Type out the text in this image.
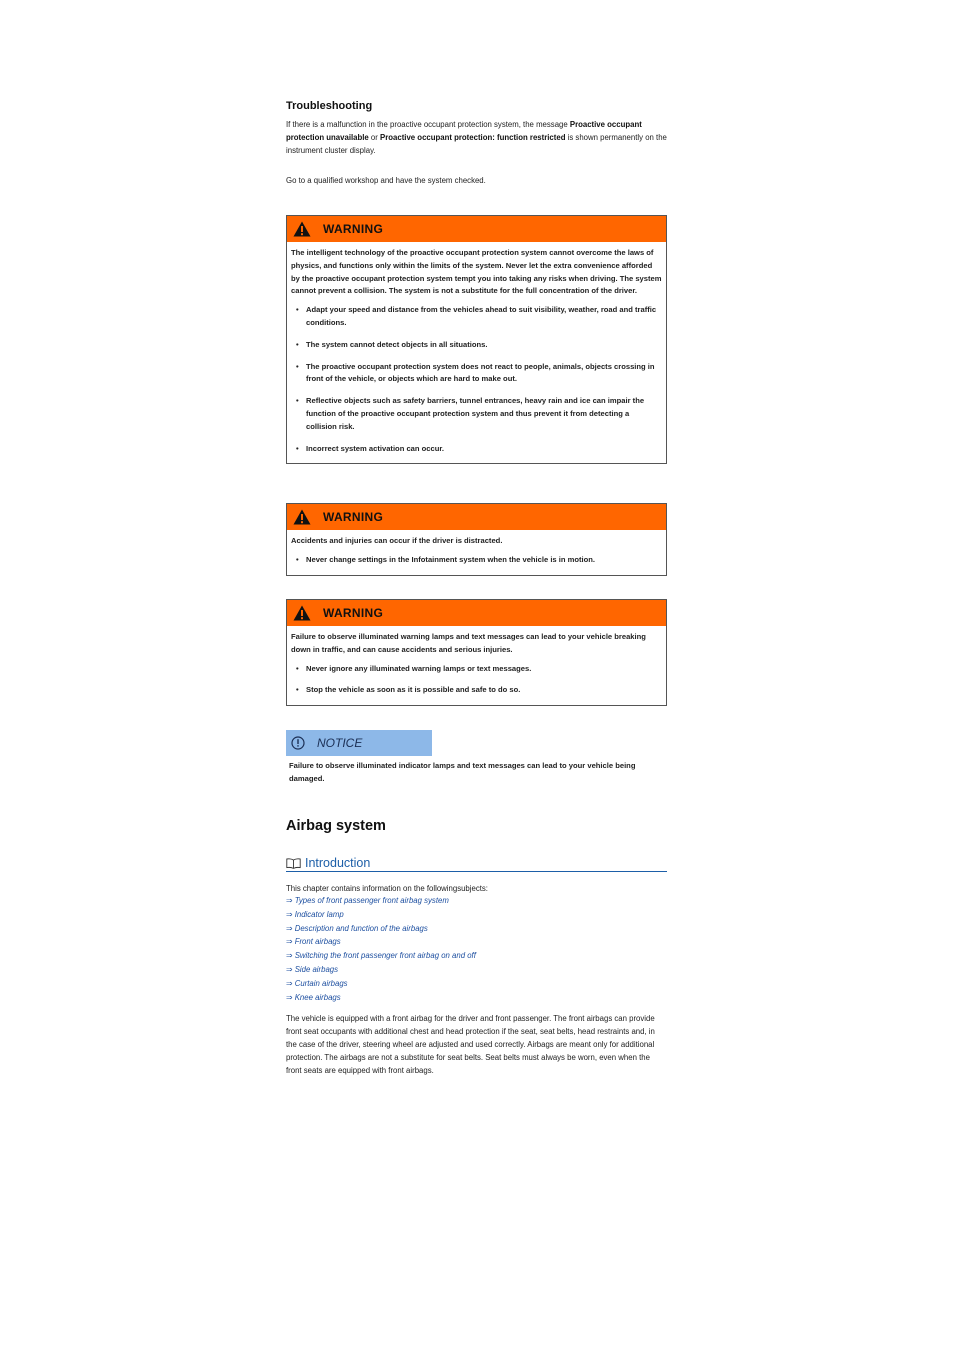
Troubleshooting

If there is a malfunction in the proactive occupant protection system, the message Proactive occupant protection unavailable or Proactive occupant protection: function restricted is shown permanently on the instrument cluster display.

Go to a qualified workshop and have the system checked.

WARNING

The intelligent technology of the proactive occupant protection system cannot overcome the laws of physics, and functions only within the limits of the system. Never let the extra convenience afforded by the proactive occupant protection system tempt you into taking any risks when driving. The system cannot prevent a collision. The system is not a substitute for the full concentration of the driver.

• Adapt your speed and distance from the vehicles ahead to suit visibility, weather, road and traffic conditions.
• The system cannot detect objects in all situations.
• The proactive occupant protection system does not react to people, animals, objects crossing in front of the vehicle, or objects which are hard to make out.
• Reflective objects such as safety barriers, tunnel entrances, heavy rain and ice can impair the function of the proactive occupant protection system and thus prevent it from detecting a collision risk.
• Incorrect system activation can occur.
WARNING

Accidents and injuries can occur if the driver is distracted.

• Never change settings in the Infotainment system when the vehicle is in motion.
WARNING

Failure to observe illuminated warning lamps and text messages can lead to your vehicle breaking down in traffic, and can cause accidents and serious injuries.

• Never ignore any illuminated warning lamps or text messages.
• Stop the vehicle as soon as it is possible and safe to do so.
NOTICE

Failure to observe illuminated indicator lamps and text messages can lead to your vehicle being damaged.

Airbag system
Introduction

This chapter contains information on the followingsubjects:

⇒ Types of front passenger front airbag system
⇒ Indicator lamp
⇒ Description and function of the airbags
⇒ Front airbags
⇒ Switching the front passenger front airbag on and off
⇒ Side airbags
⇒ Curtain airbags
⇒ Knee airbags

The vehicle is equipped with a front airbag for the driver and front passenger. The front airbags can provide front seat occupants with additional chest and head protection if the seat, seat belts, head restraints and, in the case of the driver, steering wheel are adjusted and used correctly. Airbags are meant only for additional protection. The airbags are not a substitute for seat belts. Seat belts must always be worn, even when the front seats are equipped with front airbags.
